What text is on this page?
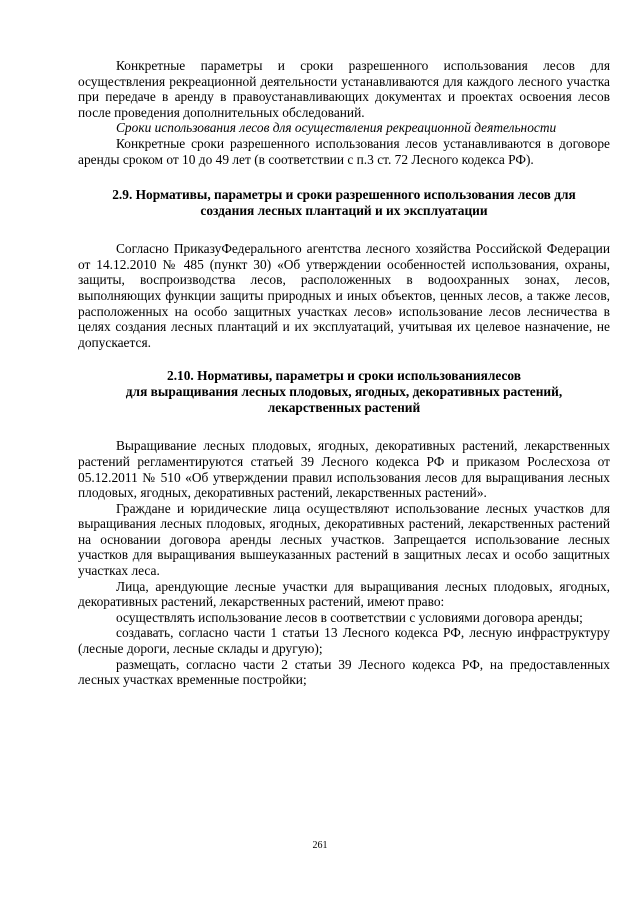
Конкретные параметры и сроки разрешенного использования лесов для осуществления рекреационной деятельности устанавливаются для каждого лесного участка при передаче в аренду в правоустанавливающих документах и проектах освоения лесов после проведения дополнительных обследований.

Сроки использования лесов для осуществления рекреационной деятельности

Конкретные сроки разрешенного использования лесов устанавливаются в договоре аренды сроком от 10 до 49 лет (в соответствии с п.3 ст. 72 Лесного кодекса РФ).

2.9. Нормативы, параметры и сроки разрешенного использования лесов для
создания лесных плантаций и их эксплуатации

Согласно ПриказуФедерального агентства лесного хозяйства Российской Федерации от 14.12.2010 № 485 (пункт 30) «Об утверждении особенностей использования, охраны, защиты, воспроизводства лесов, расположенных в водоохранных зонах, лесов, выполняющих функции защиты природных и иных объектов, ценных лесов, а также лесов, расположенных на особо защитных участках лесов» использование лесов лесничества в целях создания лесных плантаций и их эксплуатаций, учитывая их целевое назначение, не допускается.

2.10. Нормативы, параметры и сроки использованиялесов
для выращивания лесных плодовых, ягодных, декоративных растений,
лекарственных растений

Выращивание лесных плодовых, ягодных, декоративных растений, лекарственных растений регламентируются статьей 39 Лесного кодекса РФ и приказом Рослесхоза от 05.12.2011 № 510 «Об утверждении правил использования лесов для выращивания лесных плодовых, ягодных, декоративных растений, лекарственных растений».

Граждане и юридические лица осуществляют использование лесных участков для выращивания лесных плодовых, ягодных, декоративных растений, лекарственных растений на основании договора аренды лесных участков. Запрещается использование лесных участков для выращивания вышеуказанных растений в защитных лесах и особо защитных участках леса.

Лица, арендующие лесные участки для выращивания лесных плодовых, ягодных, декоративных растений, лекарственных растений, имеют право:

осуществлять использование лесов в соответствии с условиями договора аренды;

создавать, согласно части 1 статьи 13 Лесного кодекса РФ, лесную инфраструктуру (лесные дороги, лесные склады и другую);

размещать, согласно части 2 статьи 39 Лесного кодекса РФ, на предоставленных лесных участках временные постройки;

261
